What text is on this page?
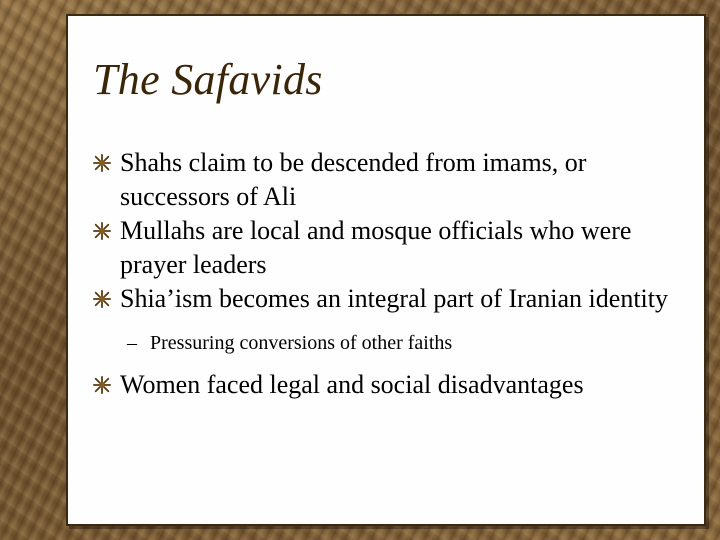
The Safavids
Shahs claim to be descended from imams, or successors of Ali
Mullahs are local and mosque officials who were prayer leaders
Shia’ism becomes an integral part of Iranian identity
– Pressuring conversions of other faiths
Women faced legal and social disadvantages
